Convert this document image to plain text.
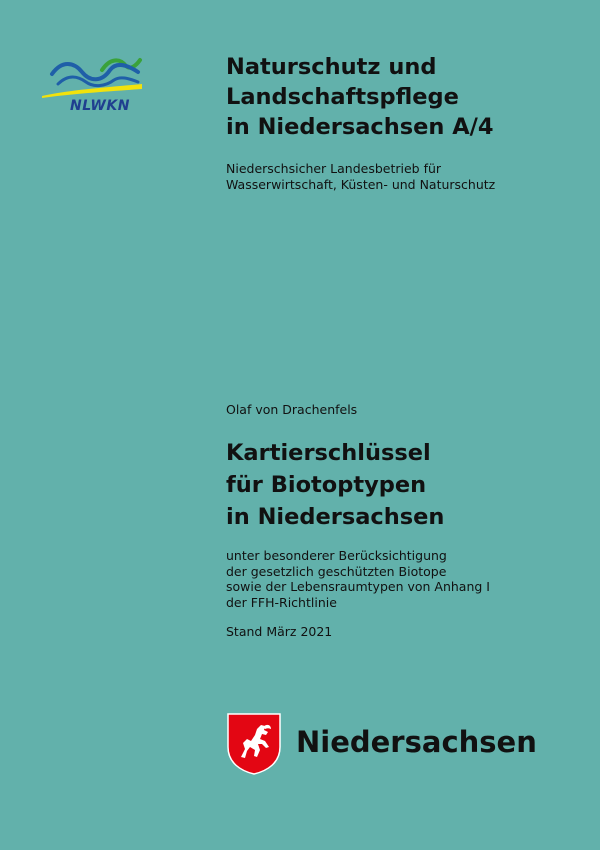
NLWKN
Naturschutz und
Landschaftspflege
in Niedersachsen A/4
Niederschsicher Landesbetrieb für
Wasserwirtschaft, Küsten- und Naturschutz
Olaf von Drachenfels
Kartierschlüssel
für Biotoptypen
in Niedersachsen
unter besonderer Berücksichtigung
der gesetzlich geschützten Biotope
sowie der Lebensraumtypen von Anhang I
der FFH-Richtlinie
Stand März 2021
Niedersachsen
